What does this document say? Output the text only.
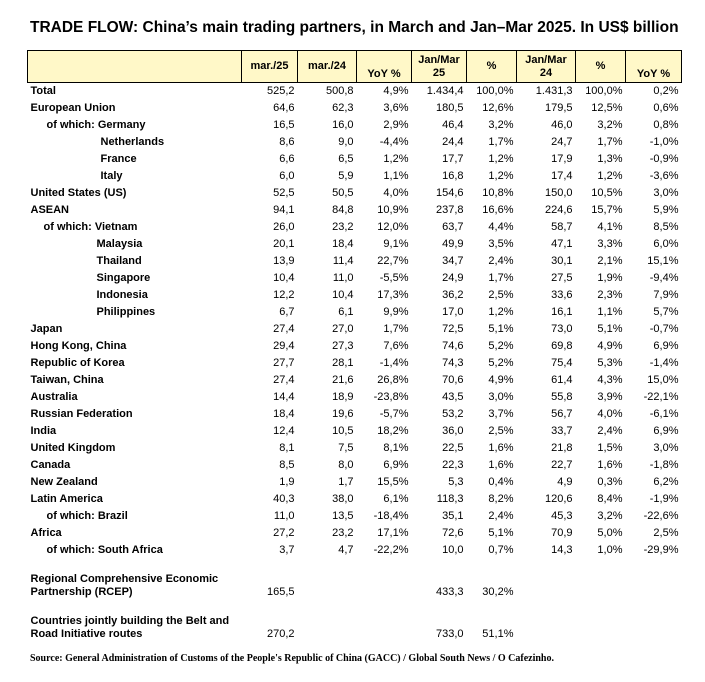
TRADE FLOW: China’s main trading partners, in March and Jan–Mar 2025. In US$ billion
	mar./25	mar./24	YoY %	Jan/Mar 25	%	Jan/Mar 24	%	YoY %
Total	525,2	500,8	4,9%	1.434,4	100,0%	1.431,3	100,0%	0,2%
European Union	64,6	62,3	3,6%	180,5	12,6%	179,5	12,5%	0,6%
of which: Germany	16,5	16,0	2,9%	46,4	3,2%	46,0	3,2%	0,8%
Netherlands	8,6	9,0	-4,4%	24,4	1,7%	24,7	1,7%	-1,0%
France	6,6	6,5	1,2%	17,7	1,2%	17,9	1,3%	-0,9%
Italy	6,0	5,9	1,1%	16,8	1,2%	17,4	1,2%	-3,6%
United States (US)	52,5	50,5	4,0%	154,6	10,8%	150,0	10,5%	3,0%
ASEAN	94,1	84,8	10,9%	237,8	16,6%	224,6	15,7%	5,9%
of which: Vietnam	26,0	23,2	12,0%	63,7	4,4%	58,7	4,1%	8,5%
Malaysia	20,1	18,4	9,1%	49,9	3,5%	47,1	3,3%	6,0%
Thailand	13,9	11,4	22,7%	34,7	2,4%	30,1	2,1%	15,1%
Singapore	10,4	11,0	-5,5%	24,9	1,7%	27,5	1,9%	-9,4%
Indonesia	12,2	10,4	17,3%	36,2	2,5%	33,6	2,3%	7,9%
Philippines	6,7	6,1	9,9%	17,0	1,2%	16,1	1,1%	5,7%
Japan	27,4	27,0	1,7%	72,5	5,1%	73,0	5,1%	-0,7%
Hong Kong, China	29,4	27,3	7,6%	74,6	5,2%	69,8	4,9%	6,9%
Republic of Korea	27,7	28,1	-1,4%	74,3	5,2%	75,4	5,3%	-1,4%
Taiwan, China	27,4	21,6	26,8%	70,6	4,9%	61,4	4,3%	15,0%
Australia	14,4	18,9	-23,8%	43,5	3,0%	55,8	3,9%	-22,1%
Russian Federation	18,4	19,6	-5,7%	53,2	3,7%	56,7	4,0%	-6,1%
India	12,4	10,5	18,2%	36,0	2,5%	33,7	2,4%	6,9%
United Kingdom	8,1	7,5	8,1%	22,5	1,6%	21,8	1,5%	3,0%
Canada	8,5	8,0	6,9%	22,3	1,6%	22,7	1,6%	-1,8%
New Zealand	1,9	1,7	15,5%	5,3	0,4%	4,9	0,3%	6,2%
Latin America	40,3	38,0	6,1%	118,3	8,2%	120,6	8,4%	-1,9%
of which: Brazil	11,0	13,5	-18,4%	35,1	2,4%	45,3	3,2%	-22,6%
Africa	27,2	23,2	17,1%	72,6	5,1%	70,9	5,0%	2,5%
of which: South Africa	3,7	4,7	-22,2%	10,0	0,7%	14,3	1,0%	-29,9%
Regional Comprehensive Economic Partnership (RCEP)	165,5			433,3	30,2%			
Countries jointly building the Belt and Road Initiative routes	270,2			733,0	51,1%			
Source: General Administration of Customs of the People's Republic of China (GACC) / Global South News / O Cafezinho.
